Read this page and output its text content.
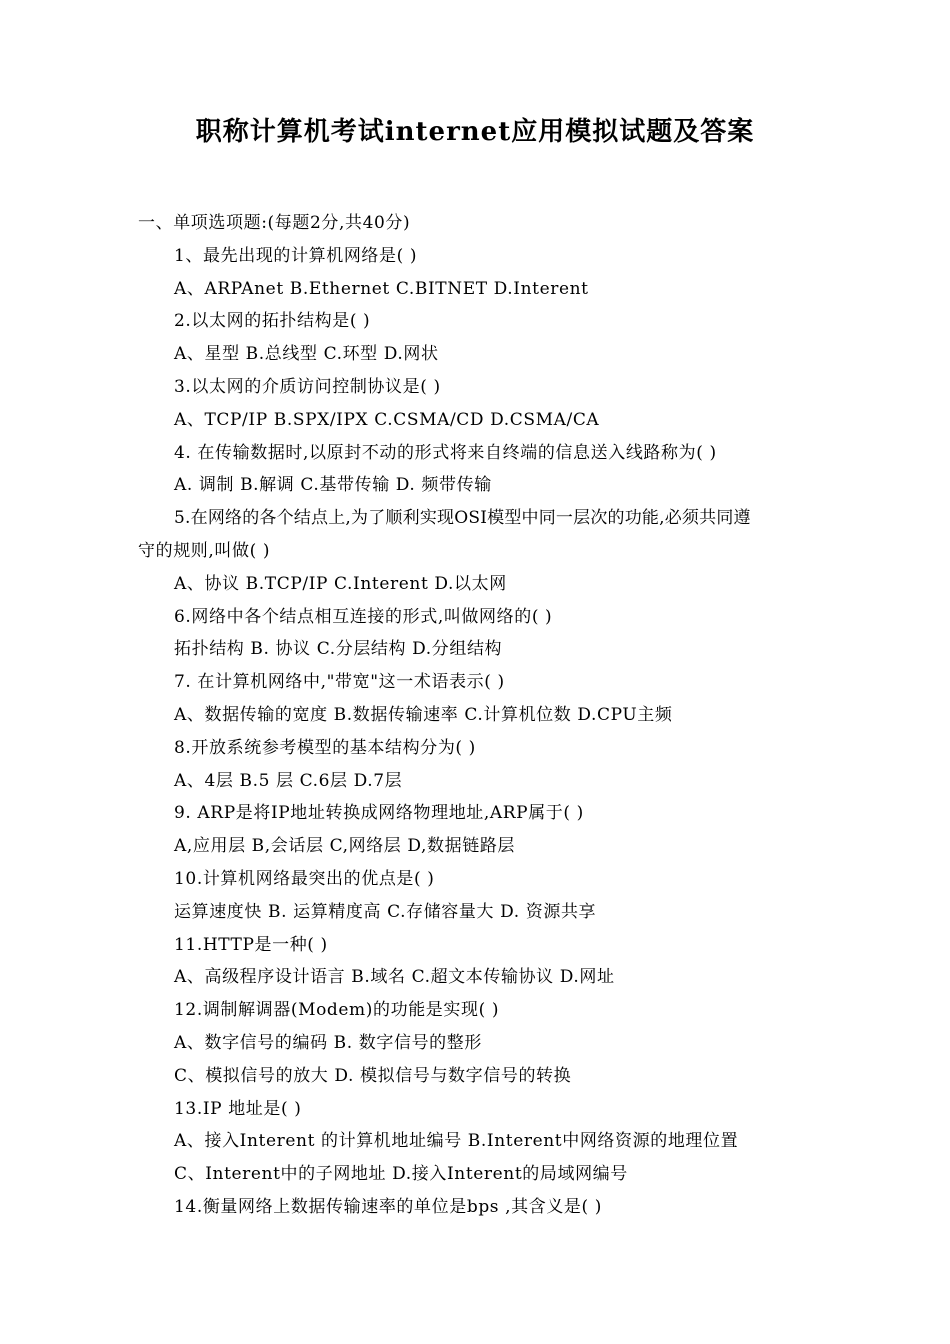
职称计算机考试internet应用模拟试题及答案
一、单项选项题:(每题2分,共40分)
1、最先出现的计算机网络是( )
A、ARPAnet B.Ethernet C.BITNET D.Interent
2.以太网的拓扑结构是( )
A、星型 B.总线型 C.环型 D.网状
3.以太网的介质访问控制协议是( )
A、TCP/IP B.SPX/IPX C.CSMA/CD D.CSMA/CA
4. 在传输数据时,以原封不动的形式将来自终端的信息送入线路称为( )
A. 调制 B.解调 C.基带传输 D. 频带传输
5.在网络的各个结点上,为了顺利实现OSI模型中同一层次的功能,必须共同遵
守的规则,叫做( )
A、协议 B.TCP/IP C.Interent D.以太网
6.网络中各个结点相互连接的形式,叫做网络的( )
拓扑结构 B. 协议 C.分层结构 D.分组结构
7. 在计算机网络中,"带宽"这一术语表示( )
A、数据传输的宽度 B.数据传输速率 C.计算机位数 D.CPU主频
8.开放系统参考模型的基本结构分为( )
A、4层 B.5 层 C.6层 D.7层
9. ARP是将IP地址转换成网络物理地址,ARP属于( )
A,应用层 B,会话层 C,网络层 D,数据链路层
10.计算机网络最突出的优点是( )
运算速度快 B. 运算精度高 C.存储容量大 D. 资源共享
11.HTTP是一种( )
A、高级程序设计语言 B.域名 C.超文本传输协议 D.网址
12.调制解调器(Modem)的功能是实现( )
A、数字信号的编码 B. 数字信号的整形
C、模拟信号的放大 D. 模拟信号与数字信号的转换
13.IP 地址是( )
A、接入Interent 的计算机地址编号 B.Interent中网络资源的地理位置
C、Interent中的子网地址 D.接入Interent的局域网编号
14.衡量网络上数据传输速率的单位是bps ,其含义是( )
